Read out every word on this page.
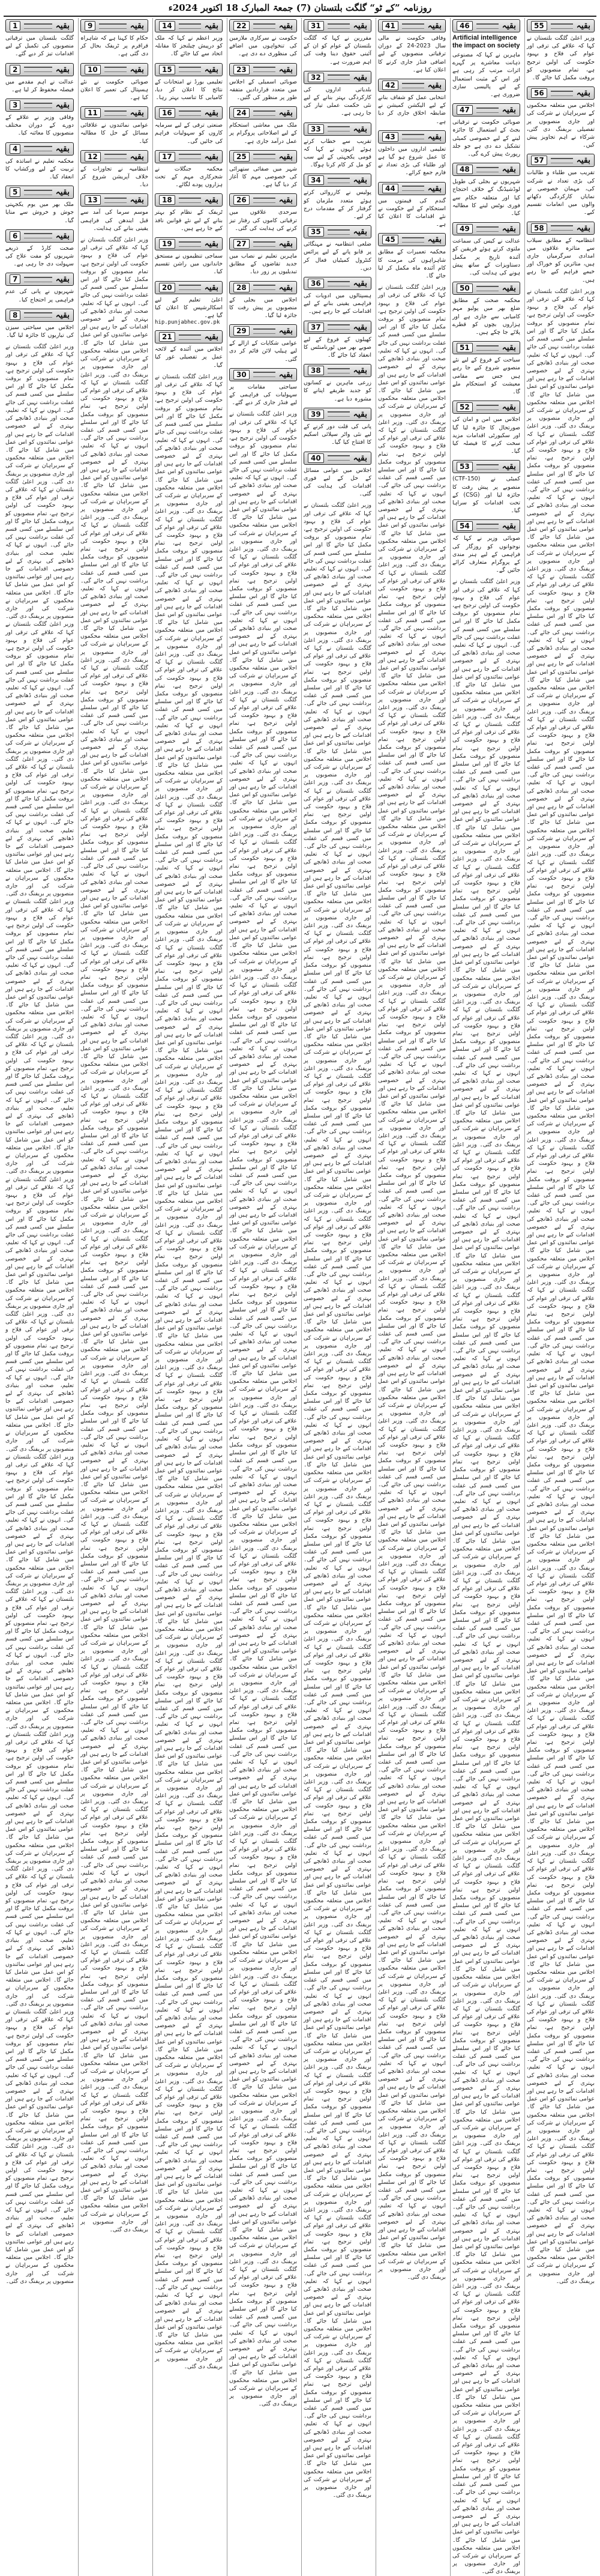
روزنامہ ”کے ٹو“ گلگت بلتستان (7) جمعۃ المبارک 18 اکتوبر 2024ء
55	بقیہ
وزیر اعلیٰ گلگت بلتستان نے کہا کہ علاقے کی ترقی اور عوام کی فلاح و بہبود حکومت کی اولین ترجیح ہے، تمام منصوبوں کو بروقت مکمل کیا جائے گا۔
56	بقیہ
اجلاس میں متعلقہ محکموں کے سربراہان نے شرکت کی اور جاری منصوبوں پر تفصیلی بریفنگ دی گئی، شرکاء نے اہم تجاویز پیش کیں۔
57	بقیہ
تقریب میں طلباء و طالبات کی بڑی تعداد نے شرکت کی، مہمان خصوصی نے نمایاں کارکردگی دکھانے والوں میں انعامات تقسیم کیے۔
58	بقیہ
انتظامیہ کے مطابق سیلاب سے متاثرہ علاقوں میں امدادی سرگرمیاں جاری ہیں، متاثرین کو خوراک اور خیمے فراہم کیے جا رہے ہیں۔
وزیر اعلیٰ گلگت بلتستان نے کہا کہ علاقے کی ترقی اور عوام کی فلاح و بہبود حکومت کی اولین ترجیح ہے، تمام منصوبوں کو بروقت مکمل کیا جائے گا اور اس سلسلے میں کسی قسم کی غفلت برداشت نہیں کی جائے گی۔ انہوں نے کہا کہ تعلیم، صحت اور بنیادی ڈھانچے کی بہتری کے لیے خصوصی اقدامات کیے جا رہے ہیں اور عوامی نمائندوں کو اس عمل میں شامل کیا جائے گا۔ اجلاس میں متعلقہ محکموں کے سربراہان نے شرکت کی اور جاری منصوبوں پر بریفنگ دی گئی۔ وزیر اعلیٰ گلگت بلتستان نے کہا کہ علاقے کی ترقی اور عوام کی فلاح و بہبود حکومت کی اولین ترجیح ہے، تمام منصوبوں کو بروقت مکمل کیا جائے گا اور اس سلسلے میں کسی قسم کی غفلت برداشت نہیں کی جائے گی۔ انہوں نے کہا کہ تعلیم، صحت اور بنیادی ڈھانچے کی بہتری کے لیے خصوصی اقدامات کیے جا رہے ہیں اور عوامی نمائندوں کو اس عمل میں شامل کیا جائے گا۔ اجلاس میں متعلقہ محکموں کے سربراہان نے شرکت کی اور جاری منصوبوں پر بریفنگ دی گئی۔ وزیر اعلیٰ گلگت بلتستان نے کہا کہ علاقے کی ترقی اور عوام کی فلاح و بہبود حکومت کی اولین ترجیح ہے، تمام منصوبوں کو بروقت مکمل کیا جائے گا اور اس سلسلے میں کسی قسم کی غفلت برداشت نہیں کی جائے گی۔ انہوں نے کہا کہ تعلیم، صحت اور بنیادی ڈھانچے کی بہتری کے لیے خصوصی اقدامات کیے جا رہے ہیں اور عوامی نمائندوں کو اس عمل میں شامل کیا جائے گا۔ اجلاس میں متعلقہ محکموں کے سربراہان نے شرکت کی اور جاری منصوبوں پر بریفنگ دی گئی۔ وزیر اعلیٰ گلگت بلتستان نے کہا کہ علاقے کی ترقی اور عوام کی فلاح و بہبود حکومت کی اولین ترجیح ہے، تمام منصوبوں کو بروقت مکمل کیا جائے گا اور اس سلسلے میں کسی قسم کی غفلت برداشت نہیں کی جائے گی۔ انہوں نے کہا کہ تعلیم، صحت اور بنیادی ڈھانچے کی بہتری کے لیے خصوصی اقدامات کیے جا رہے ہیں اور عوامی نمائندوں کو اس عمل میں شامل کیا جائے گا۔ اجلاس میں متعلقہ محکموں کے سربراہان نے شرکت کی اور جاری منصوبوں پر بریفنگ دی گئی۔ وزیر اعلیٰ گلگت بلتستان نے کہا کہ علاقے کی ترقی اور عوام کی فلاح و بہبود حکومت کی اولین ترجیح ہے، تمام منصوبوں کو بروقت مکمل کیا جائے گا اور اس سلسلے میں کسی قسم کی غفلت برداشت نہیں کی جائے گی۔ انہوں نے کہا کہ تعلیم، صحت اور بنیادی ڈھانچے کی بہتری کے لیے خصوصی اقدامات کیے جا رہے ہیں اور عوامی نمائندوں کو اس عمل میں شامل کیا جائے گا۔ اجلاس میں متعلقہ محکموں کے سربراہان نے شرکت کی اور جاری منصوبوں پر بریفنگ دی گئی۔ وزیر اعلیٰ گلگت بلتستان نے کہا کہ علاقے کی ترقی اور عوام کی فلاح و بہبود حکومت کی اولین ترجیح ہے، تمام منصوبوں کو بروقت مکمل کیا جائے گا اور اس سلسلے میں کسی قسم کی غفلت برداشت نہیں کی جائے گی۔ انہوں نے کہا کہ تعلیم، صحت اور بنیادی ڈھانچے کی بہتری کے لیے خصوصی اقدامات کیے جا رہے ہیں اور عوامی نمائندوں کو اس عمل میں شامل کیا جائے گا۔ اجلاس میں متعلقہ محکموں کے سربراہان نے شرکت کی اور جاری منصوبوں پر بریفنگ دی گئی۔ وزیر اعلیٰ گلگت بلتستان نے کہا کہ علاقے کی ترقی اور عوام کی فلاح و بہبود حکومت کی اولین ترجیح ہے، تمام منصوبوں کو بروقت مکمل کیا جائے گا اور اس سلسلے میں کسی قسم کی غفلت برداشت نہیں کی جائے گی۔ انہوں نے کہا کہ تعلیم، صحت اور بنیادی ڈھانچے کی بہتری کے لیے خصوصی اقدامات کیے جا رہے ہیں اور عوامی نمائندوں کو اس عمل میں شامل کیا جائے گا۔ اجلاس میں متعلقہ محکموں کے سربراہان نے شرکت کی اور جاری منصوبوں پر بریفنگ دی گئی۔ وزیر اعلیٰ گلگت بلتستان نے کہا کہ علاقے کی ترقی اور عوام کی فلاح و بہبود حکومت کی اولین ترجیح ہے، تمام منصوبوں کو بروقت مکمل کیا جائے گا اور اس سلسلے میں کسی قسم کی غفلت برداشت نہیں کی جائے گی۔ انہوں نے کہا کہ تعلیم، صحت اور بنیادی ڈھانچے کی بہتری کے لیے خصوصی اقدامات کیے جا رہے ہیں اور عوامی نمائندوں کو اس عمل میں شامل کیا جائے گا۔ اجلاس میں متعلقہ محکموں کے سربراہان نے شرکت کی اور جاری منصوبوں پر بریفنگ دی گئی۔ وزیر اعلیٰ گلگت بلتستان نے کہا کہ علاقے کی ترقی اور عوام کی فلاح و بہبود حکومت کی اولین ترجیح ہے، تمام منصوبوں کو بروقت مکمل کیا جائے گا اور اس سلسلے میں کسی قسم کی غفلت برداشت نہیں کی جائے گی۔ انہوں نے کہا کہ تعلیم، صحت اور بنیادی ڈھانچے کی بہتری کے لیے خصوصی اقدامات کیے جا رہے ہیں اور عوامی نمائندوں کو اس عمل میں شامل کیا جائے گا۔ اجلاس میں متعلقہ محکموں کے سربراہان نے شرکت کی اور جاری منصوبوں پر بریفنگ دی گئی۔ وزیر اعلیٰ گلگت بلتستان نے کہا کہ علاقے کی ترقی اور عوام کی فلاح و بہبود حکومت کی اولین ترجیح ہے، تمام منصوبوں کو بروقت مکمل کیا جائے گا اور اس سلسلے میں کسی قسم کی غفلت برداشت نہیں کی جائے گی۔ انہوں نے کہا کہ تعلیم، صحت اور بنیادی ڈھانچے کی بہتری کے لیے خصوصی اقدامات کیے جا رہے ہیں اور عوامی نمائندوں کو اس عمل میں شامل کیا جائے گا۔ اجلاس میں متعلقہ محکموں کے سربراہان نے شرکت کی اور جاری منصوبوں پر بریفنگ دی گئی۔ وزیر اعلیٰ گلگت بلتستان نے کہا کہ علاقے کی ترقی اور عوام کی فلاح و بہبود حکومت کی اولین ترجیح ہے، تمام منصوبوں کو بروقت مکمل کیا جائے گا اور اس سلسلے میں کسی قسم کی غفلت برداشت نہیں کی جائے گی۔ انہوں نے کہا کہ تعلیم، صحت اور بنیادی ڈھانچے کی بہتری کے لیے خصوصی اقدامات کیے جا رہے ہیں اور عوامی نمائندوں کو اس عمل میں شامل کیا جائے گا۔ اجلاس میں متعلقہ محکموں کے سربراہان نے شرکت کی اور جاری منصوبوں پر بریفنگ دی گئی۔ وزیر اعلیٰ گلگت بلتستان نے کہا کہ علاقے کی ترقی اور عوام کی فلاح و بہبود حکومت کی اولین ترجیح ہے، تمام منصوبوں کو بروقت مکمل کیا جائے گا اور اس سلسلے میں کسی قسم کی غفلت برداشت نہیں کی جائے گی۔ انہوں نے کہا کہ تعلیم، صحت اور بنیادی ڈھانچے کی بہتری کے لیے خصوصی اقدامات کیے جا رہے ہیں اور عوامی نمائندوں کو اس عمل میں شامل کیا جائے گا۔ اجلاس میں متعلقہ محکموں کے سربراہان نے شرکت کی اور جاری منصوبوں پر بریفنگ دی گئی۔ وزیر اعلیٰ گلگت بلتستان نے کہا کہ علاقے کی ترقی اور عوام کی فلاح و بہبود حکومت کی اولین ترجیح ہے، تمام منصوبوں کو بروقت مکمل کیا جائے گا اور اس سلسلے میں کسی قسم کی غفلت برداشت نہیں کی جائے گی۔ انہوں نے کہا کہ تعلیم، صحت اور بنیادی ڈھانچے کی بہتری کے لیے خصوصی اقدامات کیے جا رہے ہیں اور عوامی نمائندوں کو اس عمل میں شامل کیا جائے گا۔ اجلاس میں متعلقہ محکموں کے سربراہان نے شرکت کی اور جاری منصوبوں پر بریفنگ دی گئی۔ وزیر اعلیٰ گلگت بلتستان نے کہا کہ علاقے کی ترقی اور عوام کی فلاح و بہبود حکومت کی اولین ترجیح ہے، تمام منصوبوں کو بروقت مکمل کیا جائے گا اور اس سلسلے میں کسی قسم کی غفلت برداشت نہیں کی جائے گی۔ انہوں نے کہا کہ تعلیم، صحت اور بنیادی ڈھانچے کی بہتری کے لیے خصوصی اقدامات کیے جا رہے ہیں اور عوامی نمائندوں کو اس عمل میں شامل کیا جائے گا۔ اجلاس میں متعلقہ محکموں کے سربراہان نے شرکت کی اور جاری منصوبوں پر بریفنگ دی گئی۔
46	بقیہ
Artificial intelligence the impact on society
ماہرین نے کہا کہ مصنوعی ذہانت معاشرے پر گہرے اثرات مرتب کر رہی ہے اور اس کے مثبت استعمال کے لیے پالیسی سازی ضروری ہے۔
47	بقیہ
صوبائی حکومت نے ترقیاتی بجٹ کے استعمال کا جائزہ لینے کے لیے خصوصی کمیٹی تشکیل دے دی ہے جو جلد رپورٹ پیش کرے گی۔
48	بقیہ
شہریوں نے بجلی کی طویل لوڈشیڈنگ کے خلاف احتجاج کیا اور متعلقہ حکام سے فوری نوٹس لینے کا مطالبہ کیا۔
49	بقیہ
عدالت نے کیس کی سماعت ملتوی کرتے ہوئے فریقین کو آئندہ تاریخ پر مکمل دستاویزات کے ساتھ پیش ہونے کی ہدایت کی۔
50	بقیہ
محکمہ صحت کے مطابق ضلع بھر میں پولیو مہم کامیابی سے جاری ہے اور ہزاروں بچوں کو قطرے پلائے جا چکے ہیں۔
51	بقیہ
سیاحت کے فروغ کے لیے نئے منصوبے شروع کیے جا رہے ہیں جس سے مقامی معیشت کو استحکام ملے گا۔
52	بقیہ
اجلاس میں امن و امان کی صورتحال کا جائزہ لیا گیا اور سکیورٹی اقدامات مزید سخت کرنے کا فیصلہ کیا گیا۔
53	بقیہ
کمیٹی نے (150-CTF) منصوبے پر پیش رفت کا جائزہ لیا اور (CSG) کے تحت اقدامات کو سراہا گیا۔
54	بقیہ
صوبائی وزیر نے کہا کہ نوجوانوں کو روزگار کی فراہمی کے لیے ہنر مندی کے پروگرام متعارف کرائے جائیں گے۔
وزیر اعلیٰ گلگت بلتستان نے کہا کہ علاقے کی ترقی اور عوام کی فلاح و بہبود حکومت کی اولین ترجیح ہے، تمام منصوبوں کو بروقت مکمل کیا جائے گا اور اس سلسلے میں کسی قسم کی غفلت برداشت نہیں کی جائے گی۔ انہوں نے کہا کہ تعلیم، صحت اور بنیادی ڈھانچے کی بہتری کے لیے خصوصی اقدامات کیے جا رہے ہیں اور عوامی نمائندوں کو اس عمل میں شامل کیا جائے گا۔ اجلاس میں متعلقہ محکموں کے سربراہان نے شرکت کی اور جاری منصوبوں پر بریفنگ دی گئی۔ وزیر اعلیٰ گلگت بلتستان نے کہا کہ علاقے کی ترقی اور عوام کی فلاح و بہبود حکومت کی اولین ترجیح ہے، تمام منصوبوں کو بروقت مکمل کیا جائے گا اور اس سلسلے میں کسی قسم کی غفلت برداشت نہیں کی جائے گی۔ انہوں نے کہا کہ تعلیم، صحت اور بنیادی ڈھانچے کی بہتری کے لیے خصوصی اقدامات کیے جا رہے ہیں اور عوامی نمائندوں کو اس عمل میں شامل کیا جائے گا۔ اجلاس میں متعلقہ محکموں کے سربراہان نے شرکت کی اور جاری منصوبوں پر بریفنگ دی گئی۔ وزیر اعلیٰ گلگت بلتستان نے کہا کہ علاقے کی ترقی اور عوام کی فلاح و بہبود حکومت کی اولین ترجیح ہے، تمام منصوبوں کو بروقت مکمل کیا جائے گا اور اس سلسلے میں کسی قسم کی غفلت برداشت نہیں کی جائے گی۔ انہوں نے کہا کہ تعلیم، صحت اور بنیادی ڈھانچے کی بہتری کے لیے خصوصی اقدامات کیے جا رہے ہیں اور عوامی نمائندوں کو اس عمل میں شامل کیا جائے گا۔ اجلاس میں متعلقہ محکموں کے سربراہان نے شرکت کی اور جاری منصوبوں پر بریفنگ دی گئی۔ وزیر اعلیٰ گلگت بلتستان نے کہا کہ علاقے کی ترقی اور عوام کی فلاح و بہبود حکومت کی اولین ترجیح ہے، تمام منصوبوں کو بروقت مکمل کیا جائے گا اور اس سلسلے میں کسی قسم کی غفلت برداشت نہیں کی جائے گی۔ انہوں نے کہا کہ تعلیم، صحت اور بنیادی ڈھانچے کی بہتری کے لیے خصوصی اقدامات کیے جا رہے ہیں اور عوامی نمائندوں کو اس عمل میں شامل کیا جائے گا۔ اجلاس میں متعلقہ محکموں کے سربراہان نے شرکت کی اور جاری منصوبوں پر بریفنگ دی گئی۔ وزیر اعلیٰ گلگت بلتستان نے کہا کہ علاقے کی ترقی اور عوام کی فلاح و بہبود حکومت کی اولین ترجیح ہے، تمام منصوبوں کو بروقت مکمل کیا جائے گا اور اس سلسلے میں کسی قسم کی غفلت برداشت نہیں کی جائے گی۔ انہوں نے کہا کہ تعلیم، صحت اور بنیادی ڈھانچے کی بہتری کے لیے خصوصی اقدامات کیے جا رہے ہیں اور عوامی نمائندوں کو اس عمل میں شامل کیا جائے گا۔ اجلاس میں متعلقہ محکموں کے سربراہان نے شرکت کی اور جاری منصوبوں پر بریفنگ دی گئی۔ وزیر اعلیٰ گلگت بلتستان نے کہا کہ علاقے کی ترقی اور عوام کی فلاح و بہبود حکومت کی اولین ترجیح ہے، تمام منصوبوں کو بروقت مکمل کیا جائے گا اور اس سلسلے میں کسی قسم کی غفلت برداشت نہیں کی جائے گی۔ انہوں نے کہا کہ تعلیم، صحت اور بنیادی ڈھانچے کی بہتری کے لیے خصوصی اقدامات کیے جا رہے ہیں اور عوامی نمائندوں کو اس عمل میں شامل کیا جائے گا۔ اجلاس میں متعلقہ محکموں کے سربراہان نے شرکت کی اور جاری منصوبوں پر بریفنگ دی گئی۔ وزیر اعلیٰ گلگت بلتستان نے کہا کہ علاقے کی ترقی اور عوام کی فلاح و بہبود حکومت کی اولین ترجیح ہے، تمام منصوبوں کو بروقت مکمل کیا جائے گا اور اس سلسلے میں کسی قسم کی غفلت برداشت نہیں کی جائے گی۔ انہوں نے کہا کہ تعلیم، صحت اور بنیادی ڈھانچے کی بہتری کے لیے خصوصی اقدامات کیے جا رہے ہیں اور عوامی نمائندوں کو اس عمل میں شامل کیا جائے گا۔ اجلاس میں متعلقہ محکموں کے سربراہان نے شرکت کی اور جاری منصوبوں پر بریفنگ دی گئی۔ وزیر اعلیٰ گلگت بلتستان نے کہا کہ علاقے کی ترقی اور عوام کی فلاح و بہبود حکومت کی اولین ترجیح ہے، تمام منصوبوں کو بروقت مکمل کیا جائے گا اور اس سلسلے میں کسی قسم کی غفلت برداشت نہیں کی جائے گی۔ انہوں نے کہا کہ تعلیم، صحت اور بنیادی ڈھانچے کی بہتری کے لیے خصوصی اقدامات کیے جا رہے ہیں اور عوامی نمائندوں کو اس عمل میں شامل کیا جائے گا۔ اجلاس میں متعلقہ محکموں کے سربراہان نے شرکت کی اور جاری منصوبوں پر بریفنگ دی گئی۔ وزیر اعلیٰ گلگت بلتستان نے کہا کہ علاقے کی ترقی اور عوام کی فلاح و بہبود حکومت کی اولین ترجیح ہے، تمام منصوبوں کو بروقت مکمل کیا جائے گا اور اس سلسلے میں کسی قسم کی غفلت برداشت نہیں کی جائے گی۔ انہوں نے کہا کہ تعلیم، صحت اور بنیادی ڈھانچے کی بہتری کے لیے خصوصی اقدامات کیے جا رہے ہیں اور عوامی نمائندوں کو اس عمل میں شامل کیا جائے گا۔ اجلاس میں متعلقہ محکموں کے سربراہان نے شرکت کی اور جاری منصوبوں پر بریفنگ دی گئی۔ وزیر اعلیٰ گلگت بلتستان نے کہا کہ علاقے کی ترقی اور عوام کی فلاح و بہبود حکومت کی اولین ترجیح ہے، تمام منصوبوں کو بروقت مکمل کیا جائے گا اور اس سلسلے میں کسی قسم کی غفلت برداشت نہیں کی جائے گی۔ انہوں نے کہا کہ تعلیم، صحت اور بنیادی ڈھانچے کی بہتری کے لیے خصوصی اقدامات کیے جا رہے ہیں اور عوامی نمائندوں کو اس عمل میں شامل کیا جائے گا۔ اجلاس میں متعلقہ محکموں کے سربراہان نے شرکت کی اور جاری منصوبوں پر بریفنگ دی گئی۔ وزیر اعلیٰ گلگت بلتستان نے کہا کہ علاقے کی ترقی اور عوام کی فلاح و بہبود حکومت کی اولین ترجیح ہے، تمام منصوبوں کو بروقت مکمل کیا جائے گا اور اس سلسلے میں کسی قسم کی غفلت برداشت نہیں کی جائے گی۔ انہوں نے کہا کہ تعلیم، صحت اور بنیادی ڈھانچے کی بہتری کے لیے خصوصی اقدامات کیے جا رہے ہیں اور عوامی نمائندوں کو اس عمل میں شامل کیا جائے گا۔ اجلاس میں متعلقہ محکموں کے سربراہان نے شرکت کی اور جاری منصوبوں پر بریفنگ دی گئی۔ وزیر اعلیٰ گلگت بلتستان نے کہا کہ علاقے کی ترقی اور عوام کی فلاح و بہبود حکومت کی اولین ترجیح ہے، تمام منصوبوں کو بروقت مکمل کیا جائے گا اور اس سلسلے میں کسی قسم کی غفلت برداشت نہیں کی جائے گی۔ انہوں نے کہا کہ تعلیم، صحت اور بنیادی ڈھانچے کی بہتری کے لیے خصوصی اقدامات کیے جا رہے ہیں اور عوامی نمائندوں کو اس عمل میں شامل کیا جائے گا۔ اجلاس میں متعلقہ محکموں کے سربراہان نے شرکت کی اور جاری منصوبوں پر بریفنگ دی گئی۔ وزیر اعلیٰ گلگت بلتستان نے کہا کہ علاقے کی ترقی اور عوام کی فلاح و بہبود حکومت کی اولین ترجیح ہے، تمام منصوبوں کو بروقت مکمل کیا جائے گا اور اس سلسلے میں کسی قسم کی غفلت برداشت نہیں کی جائے گی۔ انہوں نے کہا کہ تعلیم، صحت اور بنیادی ڈھانچے کی بہتری کے لیے خصوصی اقدامات کیے جا رہے ہیں اور عوامی نمائندوں کو اس عمل میں شامل کیا جائے گا۔ اجلاس میں متعلقہ محکموں کے سربراہان نے شرکت کی اور جاری منصوبوں پر بریفنگ دی گئی۔ وزیر اعلیٰ گلگت بلتستان نے کہا کہ علاقے کی ترقی اور عوام کی فلاح و بہبود حکومت کی اولین ترجیح ہے، تمام منصوبوں کو بروقت مکمل کیا جائے گا اور اس سلسلے میں کسی قسم کی غفلت برداشت نہیں کی جائے گی۔ انہوں نے کہا کہ تعلیم، صحت اور بنیادی ڈھانچے کی بہتری کے لیے خصوصی اقدامات کیے جا رہے ہیں اور عوامی نمائندوں کو اس عمل میں شامل کیا جائے گا۔ اجلاس میں متعلقہ محکموں کے سربراہان نے شرکت کی اور جاری منصوبوں پر بریفنگ دی گئی۔
41	بقیہ
وفاقی حکومت نے مالی سال 2023-24 کے دوران ترقیاتی منصوبوں کے لیے اضافی فنڈز جاری کرنے کا اعلان کیا ہے۔
42	بقیہ
انتخابی عمل کو شفاف بنانے کے لیے الیکشن کمیشن نے ضابطہ اخلاق جاری کر دیا ہے۔
43	بقیہ
تعلیمی اداروں میں داخلوں کا عمل شروع ہو گیا ہے اور طلباء کی بڑی تعداد نے فارم جمع کرائے۔
44	بقیہ
گندم کی قیمتوں میں استحکام کے لیے حکومت نے نئے اقدامات کا اعلان کیا ہے۔
45	بقیہ
محکمہ تعمیرات کے مطابق شاہراہوں کی مرمت کا کام آئندہ ماہ مکمل کر لیا جائے گا۔
وزیر اعلیٰ گلگت بلتستان نے کہا کہ علاقے کی ترقی اور عوام کی فلاح و بہبود حکومت کی اولین ترجیح ہے، تمام منصوبوں کو بروقت مکمل کیا جائے گا اور اس سلسلے میں کسی قسم کی غفلت برداشت نہیں کی جائے گی۔ انہوں نے کہا کہ تعلیم، صحت اور بنیادی ڈھانچے کی بہتری کے لیے خصوصی اقدامات کیے جا رہے ہیں اور عوامی نمائندوں کو اس عمل میں شامل کیا جائے گا۔ اجلاس میں متعلقہ محکموں کے سربراہان نے شرکت کی اور جاری منصوبوں پر بریفنگ دی گئی۔ وزیر اعلیٰ گلگت بلتستان نے کہا کہ علاقے کی ترقی اور عوام کی فلاح و بہبود حکومت کی اولین ترجیح ہے، تمام منصوبوں کو بروقت مکمل کیا جائے گا اور اس سلسلے میں کسی قسم کی غفلت برداشت نہیں کی جائے گی۔ انہوں نے کہا کہ تعلیم، صحت اور بنیادی ڈھانچے کی بہتری کے لیے خصوصی اقدامات کیے جا رہے ہیں اور عوامی نمائندوں کو اس عمل میں شامل کیا جائے گا۔ اجلاس میں متعلقہ محکموں کے سربراہان نے شرکت کی اور جاری منصوبوں پر بریفنگ دی گئی۔ وزیر اعلیٰ گلگت بلتستان نے کہا کہ علاقے کی ترقی اور عوام کی فلاح و بہبود حکومت کی اولین ترجیح ہے، تمام منصوبوں کو بروقت مکمل کیا جائے گا اور اس سلسلے میں کسی قسم کی غفلت برداشت نہیں کی جائے گی۔ انہوں نے کہا کہ تعلیم، صحت اور بنیادی ڈھانچے کی بہتری کے لیے خصوصی اقدامات کیے جا رہے ہیں اور عوامی نمائندوں کو اس عمل میں شامل کیا جائے گا۔ اجلاس میں متعلقہ محکموں کے سربراہان نے شرکت کی اور جاری منصوبوں پر بریفنگ دی گئی۔ وزیر اعلیٰ گلگت بلتستان نے کہا کہ علاقے کی ترقی اور عوام کی فلاح و بہبود حکومت کی اولین ترجیح ہے، تمام منصوبوں کو بروقت مکمل کیا جائے گا اور اس سلسلے میں کسی قسم کی غفلت برداشت نہیں کی جائے گی۔ انہوں نے کہا کہ تعلیم، صحت اور بنیادی ڈھانچے کی بہتری کے لیے خصوصی اقدامات کیے جا رہے ہیں اور عوامی نمائندوں کو اس عمل میں شامل کیا جائے گا۔ اجلاس میں متعلقہ محکموں کے سربراہان نے شرکت کی اور جاری منصوبوں پر بریفنگ دی گئی۔ وزیر اعلیٰ گلگت بلتستان نے کہا کہ علاقے کی ترقی اور عوام کی فلاح و بہبود حکومت کی اولین ترجیح ہے، تمام منصوبوں کو بروقت مکمل کیا جائے گا اور اس سلسلے میں کسی قسم کی غفلت برداشت نہیں کی جائے گی۔ انہوں نے کہا کہ تعلیم، صحت اور بنیادی ڈھانچے کی بہتری کے لیے خصوصی اقدامات کیے جا رہے ہیں اور عوامی نمائندوں کو اس عمل میں شامل کیا جائے گا۔ اجلاس میں متعلقہ محکموں کے سربراہان نے شرکت کی اور جاری منصوبوں پر بریفنگ دی گئی۔ وزیر اعلیٰ گلگت بلتستان نے کہا کہ علاقے کی ترقی اور عوام کی فلاح و بہبود حکومت کی اولین ترجیح ہے، تمام منصوبوں کو بروقت مکمل کیا جائے گا اور اس سلسلے میں کسی قسم کی غفلت برداشت نہیں کی جائے گی۔ انہوں نے کہا کہ تعلیم، صحت اور بنیادی ڈھانچے کی بہتری کے لیے خصوصی اقدامات کیے جا رہے ہیں اور عوامی نمائندوں کو اس عمل میں شامل کیا جائے گا۔ اجلاس میں متعلقہ محکموں کے سربراہان نے شرکت کی اور جاری منصوبوں پر بریفنگ دی گئی۔ وزیر اعلیٰ گلگت بلتستان نے کہا کہ علاقے کی ترقی اور عوام کی فلاح و بہبود حکومت کی اولین ترجیح ہے، تمام منصوبوں کو بروقت مکمل کیا جائے گا اور اس سلسلے میں کسی قسم کی غفلت برداشت نہیں کی جائے گی۔ انہوں نے کہا کہ تعلیم، صحت اور بنیادی ڈھانچے کی بہتری کے لیے خصوصی اقدامات کیے جا رہے ہیں اور عوامی نمائندوں کو اس عمل میں شامل کیا جائے گا۔ اجلاس میں متعلقہ محکموں کے سربراہان نے شرکت کی اور جاری منصوبوں پر بریفنگ دی گئی۔ وزیر اعلیٰ گلگت بلتستان نے کہا کہ علاقے کی ترقی اور عوام کی فلاح و بہبود حکومت کی اولین ترجیح ہے، تمام منصوبوں کو بروقت مکمل کیا جائے گا اور اس سلسلے میں کسی قسم کی غفلت برداشت نہیں کی جائے گی۔ انہوں نے کہا کہ تعلیم، صحت اور بنیادی ڈھانچے کی بہتری کے لیے خصوصی اقدامات کیے جا رہے ہیں اور عوامی نمائندوں کو اس عمل میں شامل کیا جائے گا۔ اجلاس میں متعلقہ محکموں کے سربراہان نے شرکت کی اور جاری منصوبوں پر بریفنگ دی گئی۔ وزیر اعلیٰ گلگت بلتستان نے کہا کہ علاقے کی ترقی اور عوام کی فلاح و بہبود حکومت کی اولین ترجیح ہے، تمام منصوبوں کو بروقت مکمل کیا جائے گا اور اس سلسلے میں کسی قسم کی غفلت برداشت نہیں کی جائے گی۔ انہوں نے کہا کہ تعلیم، صحت اور بنیادی ڈھانچے کی بہتری کے لیے خصوصی اقدامات کیے جا رہے ہیں اور عوامی نمائندوں کو اس عمل میں شامل کیا جائے گا۔ اجلاس میں متعلقہ محکموں کے سربراہان نے شرکت کی اور جاری منصوبوں پر بریفنگ دی گئی۔ وزیر اعلیٰ گلگت بلتستان نے کہا کہ علاقے کی ترقی اور عوام کی فلاح و بہبود حکومت کی اولین ترجیح ہے، تمام منصوبوں کو بروقت مکمل کیا جائے گا اور اس سلسلے میں کسی قسم کی غفلت برداشت نہیں کی جائے گی۔ انہوں نے کہا کہ تعلیم، صحت اور بنیادی ڈھانچے کی بہتری کے لیے خصوصی اقدامات کیے جا رہے ہیں اور عوامی نمائندوں کو اس عمل میں شامل کیا جائے گا۔ اجلاس میں متعلقہ محکموں کے سربراہان نے شرکت کی اور جاری منصوبوں پر بریفنگ دی گئی۔ وزیر اعلیٰ گلگت بلتستان نے کہا کہ علاقے کی ترقی اور عوام کی فلاح و بہبود حکومت کی اولین ترجیح ہے، تمام منصوبوں کو بروقت مکمل کیا جائے گا اور اس سلسلے میں کسی قسم کی غفلت برداشت نہیں کی جائے گی۔ انہوں نے کہا کہ تعلیم، صحت اور بنیادی ڈھانچے کی بہتری کے لیے خصوصی اقدامات کیے جا رہے ہیں اور عوامی نمائندوں کو اس عمل میں شامل کیا جائے گا۔ اجلاس میں متعلقہ محکموں کے سربراہان نے شرکت کی اور جاری منصوبوں پر بریفنگ دی گئی۔ وزیر اعلیٰ گلگت بلتستان نے کہا کہ علاقے کی ترقی اور عوام کی فلاح و بہبود حکومت کی اولین ترجیح ہے، تمام منصوبوں کو بروقت مکمل کیا جائے گا اور اس سلسلے میں کسی قسم کی غفلت برداشت نہیں کی جائے گی۔ انہوں نے کہا کہ تعلیم، صحت اور بنیادی ڈھانچے کی بہتری کے لیے خصوصی اقدامات کیے جا رہے ہیں اور عوامی نمائندوں کو اس عمل میں شامل کیا جائے گا۔ اجلاس میں متعلقہ محکموں کے سربراہان نے شرکت کی اور جاری منصوبوں پر بریفنگ دی گئی۔ وزیر اعلیٰ گلگت بلتستان نے کہا کہ علاقے کی ترقی اور عوام کی فلاح و بہبود حکومت کی اولین ترجیح ہے، تمام منصوبوں کو بروقت مکمل کیا جائے گا اور اس سلسلے میں کسی قسم کی غفلت برداشت نہیں کی جائے گی۔ انہوں نے کہا کہ تعلیم، صحت اور بنیادی ڈھانچے کی بہتری کے لیے خصوصی اقدامات کیے جا رہے ہیں اور عوامی نمائندوں کو اس عمل میں شامل کیا جائے گا۔ اجلاس میں متعلقہ محکموں کے سربراہان نے شرکت کی اور جاری منصوبوں پر بریفنگ دی گئی۔ وزیر اعلیٰ گلگت بلتستان نے کہا کہ علاقے کی ترقی اور عوام کی فلاح و بہبود حکومت کی اولین ترجیح ہے، تمام منصوبوں کو بروقت مکمل کیا جائے گا اور اس سلسلے میں کسی قسم کی غفلت برداشت نہیں کی جائے گی۔ انہوں نے کہا کہ تعلیم، صحت اور بنیادی ڈھانچے کی بہتری کے لیے خصوصی اقدامات کیے جا رہے ہیں اور عوامی نمائندوں کو اس عمل میں شامل کیا جائے گا۔ اجلاس میں متعلقہ محکموں کے سربراہان نے شرکت کی اور جاری منصوبوں پر بریفنگ دی گئی۔
31	بقیہ
مقررین نے کہا کہ گلگت بلتستان کے عوام کو ان کے آئینی حقوق دینا وقت کی اہم ضرورت ہے۔
32	بقیہ
بلدیاتی اداروں کی کارکردگی بہتر بنانے کے لیے نئی حکمت عملی تیار کی جا رہی ہے۔
33	بقیہ
تقریب سے خطاب کرتے ہوئے انہوں نے کہا کہ قومی یکجہتی کے لیے سب کو مل کر کام کرنا ہوگا۔
34	بقیہ
پولیس نے کارروائی کرتے ہوئے متعدد ملزمان کو گرفتار کر کے مقدمات درج کر لیے۔
35	بقیہ
ضلعی انتظامیہ نے مہنگائی پر قابو پانے کے لیے پرائس کنٹرول کمیٹیاں فعال کر دیں۔
36	بقیہ
ہسپتالوں میں ادویات کی فراہمی یقینی بنانے کے لیے اقدامات کیے جا رہے ہیں۔
37	بقیہ
کھیلوں کے فروغ کے لیے صوبے بھر میں ٹورنامنٹس کا انعقاد کیا جائے گا۔
38	بقیہ
زرعی ماہرین نے کسانوں کو جدید طریقے اپنانے کا مشورہ دیا ہے۔
39	بقیہ
پانی کی قلت دور کرنے کے لیے نئی واٹر سپلائی اسکیم کا افتتاح کیا گیا۔
40	بقیہ
اجلاس میں عوامی مسائل کے حل کے لیے فوری اقدامات کی ہدایت کی گئی۔
وزیر اعلیٰ گلگت بلتستان نے کہا کہ علاقے کی ترقی اور عوام کی فلاح و بہبود حکومت کی اولین ترجیح ہے، تمام منصوبوں کو بروقت مکمل کیا جائے گا اور اس سلسلے میں کسی قسم کی غفلت برداشت نہیں کی جائے گی۔ انہوں نے کہا کہ تعلیم، صحت اور بنیادی ڈھانچے کی بہتری کے لیے خصوصی اقدامات کیے جا رہے ہیں اور عوامی نمائندوں کو اس عمل میں شامل کیا جائے گا۔ اجلاس میں متعلقہ محکموں کے سربراہان نے شرکت کی اور جاری منصوبوں پر بریفنگ دی گئی۔ وزیر اعلیٰ گلگت بلتستان نے کہا کہ علاقے کی ترقی اور عوام کی فلاح و بہبود حکومت کی اولین ترجیح ہے، تمام منصوبوں کو بروقت مکمل کیا جائے گا اور اس سلسلے میں کسی قسم کی غفلت برداشت نہیں کی جائے گی۔ انہوں نے کہا کہ تعلیم، صحت اور بنیادی ڈھانچے کی بہتری کے لیے خصوصی اقدامات کیے جا رہے ہیں اور عوامی نمائندوں کو اس عمل میں شامل کیا جائے گا۔ اجلاس میں متعلقہ محکموں کے سربراہان نے شرکت کی اور جاری منصوبوں پر بریفنگ دی گئی۔ وزیر اعلیٰ گلگت بلتستان نے کہا کہ علاقے کی ترقی اور عوام کی فلاح و بہبود حکومت کی اولین ترجیح ہے، تمام منصوبوں کو بروقت مکمل کیا جائے گا اور اس سلسلے میں کسی قسم کی غفلت برداشت نہیں کی جائے گی۔ انہوں نے کہا کہ تعلیم، صحت اور بنیادی ڈھانچے کی بہتری کے لیے خصوصی اقدامات کیے جا رہے ہیں اور عوامی نمائندوں کو اس عمل میں شامل کیا جائے گا۔ اجلاس میں متعلقہ محکموں کے سربراہان نے شرکت کی اور جاری منصوبوں پر بریفنگ دی گئی۔ وزیر اعلیٰ گلگت بلتستان نے کہا کہ علاقے کی ترقی اور عوام کی فلاح و بہبود حکومت کی اولین ترجیح ہے، تمام منصوبوں کو بروقت مکمل کیا جائے گا اور اس سلسلے میں کسی قسم کی غفلت برداشت نہیں کی جائے گی۔ انہوں نے کہا کہ تعلیم، صحت اور بنیادی ڈھانچے کی بہتری کے لیے خصوصی اقدامات کیے جا رہے ہیں اور عوامی نمائندوں کو اس عمل میں شامل کیا جائے گا۔ اجلاس میں متعلقہ محکموں کے سربراہان نے شرکت کی اور جاری منصوبوں پر بریفنگ دی گئی۔ وزیر اعلیٰ گلگت بلتستان نے کہا کہ علاقے کی ترقی اور عوام کی فلاح و بہبود حکومت کی اولین ترجیح ہے، تمام منصوبوں کو بروقت مکمل کیا جائے گا اور اس سلسلے میں کسی قسم کی غفلت برداشت نہیں کی جائے گی۔ انہوں نے کہا کہ تعلیم، صحت اور بنیادی ڈھانچے کی بہتری کے لیے خصوصی اقدامات کیے جا رہے ہیں اور عوامی نمائندوں کو اس عمل میں شامل کیا جائے گا۔ اجلاس میں متعلقہ محکموں کے سربراہان نے شرکت کی اور جاری منصوبوں پر بریفنگ دی گئی۔ وزیر اعلیٰ گلگت بلتستان نے کہا کہ علاقے کی ترقی اور عوام کی فلاح و بہبود حکومت کی اولین ترجیح ہے، تمام منصوبوں کو بروقت مکمل کیا جائے گا اور اس سلسلے میں کسی قسم کی غفلت برداشت نہیں کی جائے گی۔ انہوں نے کہا کہ تعلیم، صحت اور بنیادی ڈھانچے کی بہتری کے لیے خصوصی اقدامات کیے جا رہے ہیں اور عوامی نمائندوں کو اس عمل میں شامل کیا جائے گا۔ اجلاس میں متعلقہ محکموں کے سربراہان نے شرکت کی اور جاری منصوبوں پر بریفنگ دی گئی۔ وزیر اعلیٰ گلگت بلتستان نے کہا کہ علاقے کی ترقی اور عوام کی فلاح و بہبود حکومت کی اولین ترجیح ہے، تمام منصوبوں کو بروقت مکمل کیا جائے گا اور اس سلسلے میں کسی قسم کی غفلت برداشت نہیں کی جائے گی۔ انہوں نے کہا کہ تعلیم، صحت اور بنیادی ڈھانچے کی بہتری کے لیے خصوصی اقدامات کیے جا رہے ہیں اور عوامی نمائندوں کو اس عمل میں شامل کیا جائے گا۔ اجلاس میں متعلقہ محکموں کے سربراہان نے شرکت کی اور جاری منصوبوں پر بریفنگ دی گئی۔ وزیر اعلیٰ گلگت بلتستان نے کہا کہ علاقے کی ترقی اور عوام کی فلاح و بہبود حکومت کی اولین ترجیح ہے، تمام منصوبوں کو بروقت مکمل کیا جائے گا اور اس سلسلے میں کسی قسم کی غفلت برداشت نہیں کی جائے گی۔ انہوں نے کہا کہ تعلیم، صحت اور بنیادی ڈھانچے کی بہتری کے لیے خصوصی اقدامات کیے جا رہے ہیں اور عوامی نمائندوں کو اس عمل میں شامل کیا جائے گا۔ اجلاس میں متعلقہ محکموں کے سربراہان نے شرکت کی اور جاری منصوبوں پر بریفنگ دی گئی۔ وزیر اعلیٰ گلگت بلتستان نے کہا کہ علاقے کی ترقی اور عوام کی فلاح و بہبود حکومت کی اولین ترجیح ہے، تمام منصوبوں کو بروقت مکمل کیا جائے گا اور اس سلسلے میں کسی قسم کی غفلت برداشت نہیں کی جائے گی۔ انہوں نے کہا کہ تعلیم، صحت اور بنیادی ڈھانچے کی بہتری کے لیے خصوصی اقدامات کیے جا رہے ہیں اور عوامی نمائندوں کو اس عمل میں شامل کیا جائے گا۔ اجلاس میں متعلقہ محکموں کے سربراہان نے شرکت کی اور جاری منصوبوں پر بریفنگ دی گئی۔ وزیر اعلیٰ گلگت بلتستان نے کہا کہ علاقے کی ترقی اور عوام کی فلاح و بہبود حکومت کی اولین ترجیح ہے، تمام منصوبوں کو بروقت مکمل کیا جائے گا اور اس سلسلے میں کسی قسم کی غفلت برداشت نہیں کی جائے گی۔ انہوں نے کہا کہ تعلیم، صحت اور بنیادی ڈھانچے کی بہتری کے لیے خصوصی اقدامات کیے جا رہے ہیں اور عوامی نمائندوں کو اس عمل میں شامل کیا جائے گا۔ اجلاس میں متعلقہ محکموں کے سربراہان نے شرکت کی اور جاری منصوبوں پر بریفنگ دی گئی۔ وزیر اعلیٰ گلگت بلتستان نے کہا کہ علاقے کی ترقی اور عوام کی فلاح و بہبود حکومت کی اولین ترجیح ہے، تمام منصوبوں کو بروقت مکمل کیا جائے گا اور اس سلسلے میں کسی قسم کی غفلت برداشت نہیں کی جائے گی۔ انہوں نے کہا کہ تعلیم، صحت اور بنیادی ڈھانچے کی بہتری کے لیے خصوصی اقدامات کیے جا رہے ہیں اور عوامی نمائندوں کو اس عمل میں شامل کیا جائے گا۔ اجلاس میں متعلقہ محکموں کے سربراہان نے شرکت کی اور جاری منصوبوں پر بریفنگ دی گئی۔ وزیر اعلیٰ گلگت بلتستان نے کہا کہ علاقے کی ترقی اور عوام کی فلاح و بہبود حکومت کی اولین ترجیح ہے، تمام منصوبوں کو بروقت مکمل کیا جائے گا اور اس سلسلے میں کسی قسم کی غفلت برداشت نہیں کی جائے گی۔ انہوں نے کہا کہ تعلیم، صحت اور بنیادی ڈھانچے کی بہتری کے لیے خصوصی اقدامات کیے جا رہے ہیں اور عوامی نمائندوں کو اس عمل میں شامل کیا جائے گا۔ اجلاس میں متعلقہ محکموں کے سربراہان نے شرکت کی اور جاری منصوبوں پر بریفنگ دی گئی۔ وزیر اعلیٰ گلگت بلتستان نے کہا کہ علاقے کی ترقی اور عوام کی فلاح و بہبود حکومت کی اولین ترجیح ہے، تمام منصوبوں کو بروقت مکمل کیا جائے گا اور اس سلسلے میں کسی قسم کی غفلت برداشت نہیں کی جائے گی۔ انہوں نے کہا کہ تعلیم، صحت اور بنیادی ڈھانچے کی بہتری کے لیے خصوصی اقدامات کیے جا رہے ہیں اور عوامی نمائندوں کو اس عمل میں شامل کیا جائے گا۔ اجلاس میں متعلقہ محکموں کے سربراہان نے شرکت کی اور جاری منصوبوں پر بریفنگ دی گئی۔ وزیر اعلیٰ گلگت بلتستان نے کہا کہ علاقے کی ترقی اور عوام کی فلاح و بہبود حکومت کی اولین ترجیح ہے، تمام منصوبوں کو بروقت مکمل کیا جائے گا اور اس سلسلے میں کسی قسم کی غفلت برداشت نہیں کی جائے گی۔ انہوں نے کہا کہ تعلیم، صحت اور بنیادی ڈھانچے کی بہتری کے لیے خصوصی اقدامات کیے جا رہے ہیں اور عوامی نمائندوں کو اس عمل میں شامل کیا جائے گا۔ اجلاس میں متعلقہ محکموں کے سربراہان نے شرکت کی اور جاری منصوبوں پر بریفنگ دی گئی۔
22	بقیہ
حکومت نے سرکاری ملازمین کی تنخواہوں میں اضافے کی منظوری دے دی ہے۔
23	بقیہ
صوبائی اسمبلی کے اجلاس میں متعدد قراردادیں متفقہ طور پر منظور کی گئیں۔
24	بقیہ
ملک میں معاشی استحکام کے لیے اصلاحاتی پروگرام پر عمل درآمد جاری ہے۔
25	بقیہ
شہر میں صفائی ستھرائی کی خصوصی مہم کا آغاز کر دیا گیا ہے۔
26	بقیہ
سرحدی علاقوں میں ترقیاتی کاموں کی رفتار تیز کرنے کی ہدایت کی گئی۔
27	بقیہ
ماہرین تعلیم نے نصاب میں جدید تقاضوں کے مطابق تبدیلیوں پر زور دیا۔
28	بقیہ
اجلاس میں بجلی کے منصوبوں پر پیش رفت کا جائزہ لیا گیا۔
29	بقیہ
عوامی شکایات کے ازالے کے لیے ہیلپ لائن قائم کر دی گئی۔
30	بقیہ
سیاحتی مقامات پر سہولیات کی فراہمی کے لیے فنڈز جاری کر دیے گئے۔
وزیر اعلیٰ گلگت بلتستان نے کہا کہ علاقے کی ترقی اور عوام کی فلاح و بہبود حکومت کی اولین ترجیح ہے، تمام منصوبوں کو بروقت مکمل کیا جائے گا اور اس سلسلے میں کسی قسم کی غفلت برداشت نہیں کی جائے گی۔ انہوں نے کہا کہ تعلیم، صحت اور بنیادی ڈھانچے کی بہتری کے لیے خصوصی اقدامات کیے جا رہے ہیں اور عوامی نمائندوں کو اس عمل میں شامل کیا جائے گا۔ اجلاس میں متعلقہ محکموں کے سربراہان نے شرکت کی اور جاری منصوبوں پر بریفنگ دی گئی۔ وزیر اعلیٰ گلگت بلتستان نے کہا کہ علاقے کی ترقی اور عوام کی فلاح و بہبود حکومت کی اولین ترجیح ہے، تمام منصوبوں کو بروقت مکمل کیا جائے گا اور اس سلسلے میں کسی قسم کی غفلت برداشت نہیں کی جائے گی۔ انہوں نے کہا کہ تعلیم، صحت اور بنیادی ڈھانچے کی بہتری کے لیے خصوصی اقدامات کیے جا رہے ہیں اور عوامی نمائندوں کو اس عمل میں شامل کیا جائے گا۔ اجلاس میں متعلقہ محکموں کے سربراہان نے شرکت کی اور جاری منصوبوں پر بریفنگ دی گئی۔ وزیر اعلیٰ گلگت بلتستان نے کہا کہ علاقے کی ترقی اور عوام کی فلاح و بہبود حکومت کی اولین ترجیح ہے، تمام منصوبوں کو بروقت مکمل کیا جائے گا اور اس سلسلے میں کسی قسم کی غفلت برداشت نہیں کی جائے گی۔ انہوں نے کہا کہ تعلیم، صحت اور بنیادی ڈھانچے کی بہتری کے لیے خصوصی اقدامات کیے جا رہے ہیں اور عوامی نمائندوں کو اس عمل میں شامل کیا جائے گا۔ اجلاس میں متعلقہ محکموں کے سربراہان نے شرکت کی اور جاری منصوبوں پر بریفنگ دی گئی۔ وزیر اعلیٰ گلگت بلتستان نے کہا کہ علاقے کی ترقی اور عوام کی فلاح و بہبود حکومت کی اولین ترجیح ہے، تمام منصوبوں کو بروقت مکمل کیا جائے گا اور اس سلسلے میں کسی قسم کی غفلت برداشت نہیں کی جائے گی۔ انہوں نے کہا کہ تعلیم، صحت اور بنیادی ڈھانچے کی بہتری کے لیے خصوصی اقدامات کیے جا رہے ہیں اور عوامی نمائندوں کو اس عمل میں شامل کیا جائے گا۔ اجلاس میں متعلقہ محکموں کے سربراہان نے شرکت کی اور جاری منصوبوں پر بریفنگ دی گئی۔ وزیر اعلیٰ گلگت بلتستان نے کہا کہ علاقے کی ترقی اور عوام کی فلاح و بہبود حکومت کی اولین ترجیح ہے، تمام منصوبوں کو بروقت مکمل کیا جائے گا اور اس سلسلے میں کسی قسم کی غفلت برداشت نہیں کی جائے گی۔ انہوں نے کہا کہ تعلیم، صحت اور بنیادی ڈھانچے کی بہتری کے لیے خصوصی اقدامات کیے جا رہے ہیں اور عوامی نمائندوں کو اس عمل میں شامل کیا جائے گا۔ اجلاس میں متعلقہ محکموں کے سربراہان نے شرکت کی اور جاری منصوبوں پر بریفنگ دی گئی۔ وزیر اعلیٰ گلگت بلتستان نے کہا کہ علاقے کی ترقی اور عوام کی فلاح و بہبود حکومت کی اولین ترجیح ہے، تمام منصوبوں کو بروقت مکمل کیا جائے گا اور اس سلسلے میں کسی قسم کی غفلت برداشت نہیں کی جائے گی۔ انہوں نے کہا کہ تعلیم، صحت اور بنیادی ڈھانچے کی بہتری کے لیے خصوصی اقدامات کیے جا رہے ہیں اور عوامی نمائندوں کو اس عمل میں شامل کیا جائے گا۔ اجلاس میں متعلقہ محکموں کے سربراہان نے شرکت کی اور جاری منصوبوں پر بریفنگ دی گئی۔ وزیر اعلیٰ گلگت بلتستان نے کہا کہ علاقے کی ترقی اور عوام کی فلاح و بہبود حکومت کی اولین ترجیح ہے، تمام منصوبوں کو بروقت مکمل کیا جائے گا اور اس سلسلے میں کسی قسم کی غفلت برداشت نہیں کی جائے گی۔ انہوں نے کہا کہ تعلیم، صحت اور بنیادی ڈھانچے کی بہتری کے لیے خصوصی اقدامات کیے جا رہے ہیں اور عوامی نمائندوں کو اس عمل میں شامل کیا جائے گا۔ اجلاس میں متعلقہ محکموں کے سربراہان نے شرکت کی اور جاری منصوبوں پر بریفنگ دی گئی۔ وزیر اعلیٰ گلگت بلتستان نے کہا کہ علاقے کی ترقی اور عوام کی فلاح و بہبود حکومت کی اولین ترجیح ہے، تمام منصوبوں کو بروقت مکمل کیا جائے گا اور اس سلسلے میں کسی قسم کی غفلت برداشت نہیں کی جائے گی۔ انہوں نے کہا کہ تعلیم، صحت اور بنیادی ڈھانچے کی بہتری کے لیے خصوصی اقدامات کیے جا رہے ہیں اور عوامی نمائندوں کو اس عمل میں شامل کیا جائے گا۔ اجلاس میں متعلقہ محکموں کے سربراہان نے شرکت کی اور جاری منصوبوں پر بریفنگ دی گئی۔ وزیر اعلیٰ گلگت بلتستان نے کہا کہ علاقے کی ترقی اور عوام کی فلاح و بہبود حکومت کی اولین ترجیح ہے، تمام منصوبوں کو بروقت مکمل کیا جائے گا اور اس سلسلے میں کسی قسم کی غفلت برداشت نہیں کی جائے گی۔ انہوں نے کہا کہ تعلیم، صحت اور بنیادی ڈھانچے کی بہتری کے لیے خصوصی اقدامات کیے جا رہے ہیں اور عوامی نمائندوں کو اس عمل میں شامل کیا جائے گا۔ اجلاس میں متعلقہ محکموں کے سربراہان نے شرکت کی اور جاری منصوبوں پر بریفنگ دی گئی۔ وزیر اعلیٰ گلگت بلتستان نے کہا کہ علاقے کی ترقی اور عوام کی فلاح و بہبود حکومت کی اولین ترجیح ہے، تمام منصوبوں کو بروقت مکمل کیا جائے گا اور اس سلسلے میں کسی قسم کی غفلت برداشت نہیں کی جائے گی۔ انہوں نے کہا کہ تعلیم، صحت اور بنیادی ڈھانچے کی بہتری کے لیے خصوصی اقدامات کیے جا رہے ہیں اور عوامی نمائندوں کو اس عمل میں شامل کیا جائے گا۔ اجلاس میں متعلقہ محکموں کے سربراہان نے شرکت کی اور جاری منصوبوں پر بریفنگ دی گئی۔ وزیر اعلیٰ گلگت بلتستان نے کہا کہ علاقے کی ترقی اور عوام کی فلاح و بہبود حکومت کی اولین ترجیح ہے، تمام منصوبوں کو بروقت مکمل کیا جائے گا اور اس سلسلے میں کسی قسم کی غفلت برداشت نہیں کی جائے گی۔ انہوں نے کہا کہ تعلیم، صحت اور بنیادی ڈھانچے کی بہتری کے لیے خصوصی اقدامات کیے جا رہے ہیں اور عوامی نمائندوں کو اس عمل میں شامل کیا جائے گا۔ اجلاس میں متعلقہ محکموں کے سربراہان نے شرکت کی اور جاری منصوبوں پر بریفنگ دی گئی۔ وزیر اعلیٰ گلگت بلتستان نے کہا کہ علاقے کی ترقی اور عوام کی فلاح و بہبود حکومت کی اولین ترجیح ہے، تمام منصوبوں کو بروقت مکمل کیا جائے گا اور اس سلسلے میں کسی قسم کی غفلت برداشت نہیں کی جائے گی۔ انہوں نے کہا کہ تعلیم، صحت اور بنیادی ڈھانچے کی بہتری کے لیے خصوصی اقدامات کیے جا رہے ہیں اور عوامی نمائندوں کو اس عمل میں شامل کیا جائے گا۔ اجلاس میں متعلقہ محکموں کے سربراہان نے شرکت کی اور جاری منصوبوں پر بریفنگ دی گئی۔ وزیر اعلیٰ گلگت بلتستان نے کہا کہ علاقے کی ترقی اور عوام کی فلاح و بہبود حکومت کی اولین ترجیح ہے، تمام منصوبوں کو بروقت مکمل کیا جائے گا اور اس سلسلے میں کسی قسم کی غفلت برداشت نہیں کی جائے گی۔ انہوں نے کہا کہ تعلیم، صحت اور بنیادی ڈھانچے کی بہتری کے لیے خصوصی اقدامات کیے جا رہے ہیں اور عوامی نمائندوں کو اس عمل میں شامل کیا جائے گا۔ اجلاس میں متعلقہ محکموں کے سربراہان نے شرکت کی اور جاری منصوبوں پر بریفنگ دی گئی۔ وزیر اعلیٰ گلگت بلتستان نے کہا کہ علاقے کی ترقی اور عوام کی فلاح و بہبود حکومت کی اولین ترجیح ہے، تمام منصوبوں کو بروقت مکمل کیا جائے گا اور اس سلسلے میں کسی قسم کی غفلت برداشت نہیں کی جائے گی۔ انہوں نے کہا کہ تعلیم، صحت اور بنیادی ڈھانچے کی بہتری کے لیے خصوصی اقدامات کیے جا رہے ہیں اور عوامی نمائندوں کو اس عمل میں شامل کیا جائے گا۔ اجلاس میں متعلقہ محکموں کے سربراہان نے شرکت کی اور جاری منصوبوں پر بریفنگ دی گئی۔
14	بقیہ
وزیر اعظم نے کہا کہ ملک کو درپیش چیلنجز کا مقابلہ اتحاد سے کیا جائے گا۔
15	بقیہ
تعلیمی بورڈ نے امتحانات کے نتائج کا اعلان کر دیا، کامیابی کا تناسب بہتر رہا۔
16	بقیہ
صنعتی ترقی کے لیے سرمایہ کاروں کو سہولیات فراہم کی جائیں گی۔
17	بقیہ
محکمہ جنگلات نے شجرکاری مہم کے تحت ہزاروں پودے لگائے۔
18	بقیہ
ٹریفک کے نظام کو بہتر بنانے کے لیے نئے قوانین نافذ کیے جا رہے ہیں۔
19	بقیہ
سماجی تنظیموں نے مستحق خاندانوں میں راشن تقسیم کیا۔
20	بقیہ
اعلیٰ تعلیم کے لیے اسکالرشپس کا اعلان کیا گیا ہے۔
hip.punjabhec.gov.pk
21	بقیہ
اجلاس میں آئندہ کے لائحہ عمل پر تفصیلی غور کیا گیا۔
وزیر اعلیٰ گلگت بلتستان نے کہا کہ علاقے کی ترقی اور عوام کی فلاح و بہبود حکومت کی اولین ترجیح ہے، تمام منصوبوں کو بروقت مکمل کیا جائے گا اور اس سلسلے میں کسی قسم کی غفلت برداشت نہیں کی جائے گی۔ انہوں نے کہا کہ تعلیم، صحت اور بنیادی ڈھانچے کی بہتری کے لیے خصوصی اقدامات کیے جا رہے ہیں اور عوامی نمائندوں کو اس عمل میں شامل کیا جائے گا۔ اجلاس میں متعلقہ محکموں کے سربراہان نے شرکت کی اور جاری منصوبوں پر بریفنگ دی گئی۔ وزیر اعلیٰ گلگت بلتستان نے کہا کہ علاقے کی ترقی اور عوام کی فلاح و بہبود حکومت کی اولین ترجیح ہے، تمام منصوبوں کو بروقت مکمل کیا جائے گا اور اس سلسلے میں کسی قسم کی غفلت برداشت نہیں کی جائے گی۔ انہوں نے کہا کہ تعلیم، صحت اور بنیادی ڈھانچے کی بہتری کے لیے خصوصی اقدامات کیے جا رہے ہیں اور عوامی نمائندوں کو اس عمل میں شامل کیا جائے گا۔ اجلاس میں متعلقہ محکموں کے سربراہان نے شرکت کی اور جاری منصوبوں پر بریفنگ دی گئی۔ وزیر اعلیٰ گلگت بلتستان نے کہا کہ علاقے کی ترقی اور عوام کی فلاح و بہبود حکومت کی اولین ترجیح ہے، تمام منصوبوں کو بروقت مکمل کیا جائے گا اور اس سلسلے میں کسی قسم کی غفلت برداشت نہیں کی جائے گی۔ انہوں نے کہا کہ تعلیم، صحت اور بنیادی ڈھانچے کی بہتری کے لیے خصوصی اقدامات کیے جا رہے ہیں اور عوامی نمائندوں کو اس عمل میں شامل کیا جائے گا۔ اجلاس میں متعلقہ محکموں کے سربراہان نے شرکت کی اور جاری منصوبوں پر بریفنگ دی گئی۔ وزیر اعلیٰ گلگت بلتستان نے کہا کہ علاقے کی ترقی اور عوام کی فلاح و بہبود حکومت کی اولین ترجیح ہے، تمام منصوبوں کو بروقت مکمل کیا جائے گا اور اس سلسلے میں کسی قسم کی غفلت برداشت نہیں کی جائے گی۔ انہوں نے کہا کہ تعلیم، صحت اور بنیادی ڈھانچے کی بہتری کے لیے خصوصی اقدامات کیے جا رہے ہیں اور عوامی نمائندوں کو اس عمل میں شامل کیا جائے گا۔ اجلاس میں متعلقہ محکموں کے سربراہان نے شرکت کی اور جاری منصوبوں پر بریفنگ دی گئی۔ وزیر اعلیٰ گلگت بلتستان نے کہا کہ علاقے کی ترقی اور عوام کی فلاح و بہبود حکومت کی اولین ترجیح ہے، تمام منصوبوں کو بروقت مکمل کیا جائے گا اور اس سلسلے میں کسی قسم کی غفلت برداشت نہیں کی جائے گی۔ انہوں نے کہا کہ تعلیم، صحت اور بنیادی ڈھانچے کی بہتری کے لیے خصوصی اقدامات کیے جا رہے ہیں اور عوامی نمائندوں کو اس عمل میں شامل کیا جائے گا۔ اجلاس میں متعلقہ محکموں کے سربراہان نے شرکت کی اور جاری منصوبوں پر بریفنگ دی گئی۔ وزیر اعلیٰ گلگت بلتستان نے کہا کہ علاقے کی ترقی اور عوام کی فلاح و بہبود حکومت کی اولین ترجیح ہے، تمام منصوبوں کو بروقت مکمل کیا جائے گا اور اس سلسلے میں کسی قسم کی غفلت برداشت نہیں کی جائے گی۔ انہوں نے کہا کہ تعلیم، صحت اور بنیادی ڈھانچے کی بہتری کے لیے خصوصی اقدامات کیے جا رہے ہیں اور عوامی نمائندوں کو اس عمل میں شامل کیا جائے گا۔ اجلاس میں متعلقہ محکموں کے سربراہان نے شرکت کی اور جاری منصوبوں پر بریفنگ دی گئی۔ وزیر اعلیٰ گلگت بلتستان نے کہا کہ علاقے کی ترقی اور عوام کی فلاح و بہبود حکومت کی اولین ترجیح ہے، تمام منصوبوں کو بروقت مکمل کیا جائے گا اور اس سلسلے میں کسی قسم کی غفلت برداشت نہیں کی جائے گی۔ انہوں نے کہا کہ تعلیم، صحت اور بنیادی ڈھانچے کی بہتری کے لیے خصوصی اقدامات کیے جا رہے ہیں اور عوامی نمائندوں کو اس عمل میں شامل کیا جائے گا۔ اجلاس میں متعلقہ محکموں کے سربراہان نے شرکت کی اور جاری منصوبوں پر بریفنگ دی گئی۔ وزیر اعلیٰ گلگت بلتستان نے کہا کہ علاقے کی ترقی اور عوام کی فلاح و بہبود حکومت کی اولین ترجیح ہے، تمام منصوبوں کو بروقت مکمل کیا جائے گا اور اس سلسلے میں کسی قسم کی غفلت برداشت نہیں کی جائے گی۔ انہوں نے کہا کہ تعلیم، صحت اور بنیادی ڈھانچے کی بہتری کے لیے خصوصی اقدامات کیے جا رہے ہیں اور عوامی نمائندوں کو اس عمل میں شامل کیا جائے گا۔ اجلاس میں متعلقہ محکموں کے سربراہان نے شرکت کی اور جاری منصوبوں پر بریفنگ دی گئی۔ وزیر اعلیٰ گلگت بلتستان نے کہا کہ علاقے کی ترقی اور عوام کی فلاح و بہبود حکومت کی اولین ترجیح ہے، تمام منصوبوں کو بروقت مکمل کیا جائے گا اور اس سلسلے میں کسی قسم کی غفلت برداشت نہیں کی جائے گی۔ انہوں نے کہا کہ تعلیم، صحت اور بنیادی ڈھانچے کی بہتری کے لیے خصوصی اقدامات کیے جا رہے ہیں اور عوامی نمائندوں کو اس عمل میں شامل کیا جائے گا۔ اجلاس میں متعلقہ محکموں کے سربراہان نے شرکت کی اور جاری منصوبوں پر بریفنگ دی گئی۔ وزیر اعلیٰ گلگت بلتستان نے کہا کہ علاقے کی ترقی اور عوام کی فلاح و بہبود حکومت کی اولین ترجیح ہے، تمام منصوبوں کو بروقت مکمل کیا جائے گا اور اس سلسلے میں کسی قسم کی غفلت برداشت نہیں کی جائے گی۔ انہوں نے کہا کہ تعلیم، صحت اور بنیادی ڈھانچے کی بہتری کے لیے خصوصی اقدامات کیے جا رہے ہیں اور عوامی نمائندوں کو اس عمل میں شامل کیا جائے گا۔ اجلاس میں متعلقہ محکموں کے سربراہان نے شرکت کی اور جاری منصوبوں پر بریفنگ دی گئی۔ وزیر اعلیٰ گلگت بلتستان نے کہا کہ علاقے کی ترقی اور عوام کی فلاح و بہبود حکومت کی اولین ترجیح ہے، تمام منصوبوں کو بروقت مکمل کیا جائے گا اور اس سلسلے میں کسی قسم کی غفلت برداشت نہیں کی جائے گی۔ انہوں نے کہا کہ تعلیم، صحت اور بنیادی ڈھانچے کی بہتری کے لیے خصوصی اقدامات کیے جا رہے ہیں اور عوامی نمائندوں کو اس عمل میں شامل کیا جائے گا۔ اجلاس میں متعلقہ محکموں کے سربراہان نے شرکت کی اور جاری منصوبوں پر بریفنگ دی گئی۔ وزیر اعلیٰ گلگت بلتستان نے کہا کہ علاقے کی ترقی اور عوام کی فلاح و بہبود حکومت کی اولین ترجیح ہے، تمام منصوبوں کو بروقت مکمل کیا جائے گا اور اس سلسلے میں کسی قسم کی غفلت برداشت نہیں کی جائے گی۔ انہوں نے کہا کہ تعلیم، صحت اور بنیادی ڈھانچے کی بہتری کے لیے خصوصی اقدامات کیے جا رہے ہیں اور عوامی نمائندوں کو اس عمل میں شامل کیا جائے گا۔ اجلاس میں متعلقہ محکموں کے سربراہان نے شرکت کی اور جاری منصوبوں پر بریفنگ دی گئی۔ وزیر اعلیٰ گلگت بلتستان نے کہا کہ علاقے کی ترقی اور عوام کی فلاح و بہبود حکومت کی اولین ترجیح ہے، تمام منصوبوں کو بروقت مکمل کیا جائے گا اور اس سلسلے میں کسی قسم کی غفلت برداشت نہیں کی جائے گی۔ انہوں نے کہا کہ تعلیم، صحت اور بنیادی ڈھانچے کی بہتری کے لیے خصوصی اقدامات کیے جا رہے ہیں اور عوامی نمائندوں کو اس عمل میں شامل کیا جائے گا۔ اجلاس میں متعلقہ محکموں کے سربراہان نے شرکت کی اور جاری منصوبوں پر بریفنگ دی گئی۔ وزیر اعلیٰ گلگت بلتستان نے کہا کہ علاقے کی ترقی اور عوام کی فلاح و بہبود حکومت کی اولین ترجیح ہے، تمام منصوبوں کو بروقت مکمل کیا جائے گا اور اس سلسلے میں کسی قسم کی غفلت برداشت نہیں کی جائے گی۔ انہوں نے کہا کہ تعلیم، صحت اور بنیادی ڈھانچے کی بہتری کے لیے خصوصی اقدامات کیے جا رہے ہیں اور عوامی نمائندوں کو اس عمل میں شامل کیا جائے گا۔ اجلاس میں متعلقہ محکموں کے سربراہان نے شرکت کی اور جاری منصوبوں پر بریفنگ دی گئی۔
9	بقیہ
حکام کا کہنا ہے کہ شاہراہ قراقرم پر ٹریفک بحال کر دی گئی ہے۔
10	بقیہ
صوبائی حکومت نے نئے ہسپتال کی تعمیر کا اعلان کیا ہے۔
11	بقیہ
عوامی نمائندوں نے علاقائی مسائل کے حل کا مطالبہ کیا۔
12	بقیہ
انتظامیہ نے تجاوزات کے خلاف آپریشن شروع کر دیا۔
13	بقیہ
موسم سرما کی آمد سے قبل ایندھن کی فراہمی یقینی بنانے کی ہدایت۔
وزیر اعلیٰ گلگت بلتستان نے کہا کہ علاقے کی ترقی اور عوام کی فلاح و بہبود حکومت کی اولین ترجیح ہے، تمام منصوبوں کو بروقت مکمل کیا جائے گا اور اس سلسلے میں کسی قسم کی غفلت برداشت نہیں کی جائے گی۔ انہوں نے کہا کہ تعلیم، صحت اور بنیادی ڈھانچے کی بہتری کے لیے خصوصی اقدامات کیے جا رہے ہیں اور عوامی نمائندوں کو اس عمل میں شامل کیا جائے گا۔ اجلاس میں متعلقہ محکموں کے سربراہان نے شرکت کی اور جاری منصوبوں پر بریفنگ دی گئی۔ وزیر اعلیٰ گلگت بلتستان نے کہا کہ علاقے کی ترقی اور عوام کی فلاح و بہبود حکومت کی اولین ترجیح ہے، تمام منصوبوں کو بروقت مکمل کیا جائے گا اور اس سلسلے میں کسی قسم کی غفلت برداشت نہیں کی جائے گی۔ انہوں نے کہا کہ تعلیم، صحت اور بنیادی ڈھانچے کی بہتری کے لیے خصوصی اقدامات کیے جا رہے ہیں اور عوامی نمائندوں کو اس عمل میں شامل کیا جائے گا۔ اجلاس میں متعلقہ محکموں کے سربراہان نے شرکت کی اور جاری منصوبوں پر بریفنگ دی گئی۔ وزیر اعلیٰ گلگت بلتستان نے کہا کہ علاقے کی ترقی اور عوام کی فلاح و بہبود حکومت کی اولین ترجیح ہے، تمام منصوبوں کو بروقت مکمل کیا جائے گا اور اس سلسلے میں کسی قسم کی غفلت برداشت نہیں کی جائے گی۔ انہوں نے کہا کہ تعلیم، صحت اور بنیادی ڈھانچے کی بہتری کے لیے خصوصی اقدامات کیے جا رہے ہیں اور عوامی نمائندوں کو اس عمل میں شامل کیا جائے گا۔ اجلاس میں متعلقہ محکموں کے سربراہان نے شرکت کی اور جاری منصوبوں پر بریفنگ دی گئی۔ وزیر اعلیٰ گلگت بلتستان نے کہا کہ علاقے کی ترقی اور عوام کی فلاح و بہبود حکومت کی اولین ترجیح ہے، تمام منصوبوں کو بروقت مکمل کیا جائے گا اور اس سلسلے میں کسی قسم کی غفلت برداشت نہیں کی جائے گی۔ انہوں نے کہا کہ تعلیم، صحت اور بنیادی ڈھانچے کی بہتری کے لیے خصوصی اقدامات کیے جا رہے ہیں اور عوامی نمائندوں کو اس عمل میں شامل کیا جائے گا۔ اجلاس میں متعلقہ محکموں کے سربراہان نے شرکت کی اور جاری منصوبوں پر بریفنگ دی گئی۔ وزیر اعلیٰ گلگت بلتستان نے کہا کہ علاقے کی ترقی اور عوام کی فلاح و بہبود حکومت کی اولین ترجیح ہے، تمام منصوبوں کو بروقت مکمل کیا جائے گا اور اس سلسلے میں کسی قسم کی غفلت برداشت نہیں کی جائے گی۔ انہوں نے کہا کہ تعلیم، صحت اور بنیادی ڈھانچے کی بہتری کے لیے خصوصی اقدامات کیے جا رہے ہیں اور عوامی نمائندوں کو اس عمل میں شامل کیا جائے گا۔ اجلاس میں متعلقہ محکموں کے سربراہان نے شرکت کی اور جاری منصوبوں پر بریفنگ دی گئی۔ وزیر اعلیٰ گلگت بلتستان نے کہا کہ علاقے کی ترقی اور عوام کی فلاح و بہبود حکومت کی اولین ترجیح ہے، تمام منصوبوں کو بروقت مکمل کیا جائے گا اور اس سلسلے میں کسی قسم کی غفلت برداشت نہیں کی جائے گی۔ انہوں نے کہا کہ تعلیم، صحت اور بنیادی ڈھانچے کی بہتری کے لیے خصوصی اقدامات کیے جا رہے ہیں اور عوامی نمائندوں کو اس عمل میں شامل کیا جائے گا۔ اجلاس میں متعلقہ محکموں کے سربراہان نے شرکت کی اور جاری منصوبوں پر بریفنگ دی گئی۔ وزیر اعلیٰ گلگت بلتستان نے کہا کہ علاقے کی ترقی اور عوام کی فلاح و بہبود حکومت کی اولین ترجیح ہے، تمام منصوبوں کو بروقت مکمل کیا جائے گا اور اس سلسلے میں کسی قسم کی غفلت برداشت نہیں کی جائے گی۔ انہوں نے کہا کہ تعلیم، صحت اور بنیادی ڈھانچے کی بہتری کے لیے خصوصی اقدامات کیے جا رہے ہیں اور عوامی نمائندوں کو اس عمل میں شامل کیا جائے گا۔ اجلاس میں متعلقہ محکموں کے سربراہان نے شرکت کی اور جاری منصوبوں پر بریفنگ دی گئی۔ وزیر اعلیٰ گلگت بلتستان نے کہا کہ علاقے کی ترقی اور عوام کی فلاح و بہبود حکومت کی اولین ترجیح ہے، تمام منصوبوں کو بروقت مکمل کیا جائے گا اور اس سلسلے میں کسی قسم کی غفلت برداشت نہیں کی جائے گی۔ انہوں نے کہا کہ تعلیم، صحت اور بنیادی ڈھانچے کی بہتری کے لیے خصوصی اقدامات کیے جا رہے ہیں اور عوامی نمائندوں کو اس عمل میں شامل کیا جائے گا۔ اجلاس میں متعلقہ محکموں کے سربراہان نے شرکت کی اور جاری منصوبوں پر بریفنگ دی گئی۔ وزیر اعلیٰ گلگت بلتستان نے کہا کہ علاقے کی ترقی اور عوام کی فلاح و بہبود حکومت کی اولین ترجیح ہے، تمام منصوبوں کو بروقت مکمل کیا جائے گا اور اس سلسلے میں کسی قسم کی غفلت برداشت نہیں کی جائے گی۔ انہوں نے کہا کہ تعلیم، صحت اور بنیادی ڈھانچے کی بہتری کے لیے خصوصی اقدامات کیے جا رہے ہیں اور عوامی نمائندوں کو اس عمل میں شامل کیا جائے گا۔ اجلاس میں متعلقہ محکموں کے سربراہان نے شرکت کی اور جاری منصوبوں پر بریفنگ دی گئی۔ وزیر اعلیٰ گلگت بلتستان نے کہا کہ علاقے کی ترقی اور عوام کی فلاح و بہبود حکومت کی اولین ترجیح ہے، تمام منصوبوں کو بروقت مکمل کیا جائے گا اور اس سلسلے میں کسی قسم کی غفلت برداشت نہیں کی جائے گی۔ انہوں نے کہا کہ تعلیم، صحت اور بنیادی ڈھانچے کی بہتری کے لیے خصوصی اقدامات کیے جا رہے ہیں اور عوامی نمائندوں کو اس عمل میں شامل کیا جائے گا۔ اجلاس میں متعلقہ محکموں کے سربراہان نے شرکت کی اور جاری منصوبوں پر بریفنگ دی گئی۔ وزیر اعلیٰ گلگت بلتستان نے کہا کہ علاقے کی ترقی اور عوام کی فلاح و بہبود حکومت کی اولین ترجیح ہے، تمام منصوبوں کو بروقت مکمل کیا جائے گا اور اس سلسلے میں کسی قسم کی غفلت برداشت نہیں کی جائے گی۔ انہوں نے کہا کہ تعلیم، صحت اور بنیادی ڈھانچے کی بہتری کے لیے خصوصی اقدامات کیے جا رہے ہیں اور عوامی نمائندوں کو اس عمل میں شامل کیا جائے گا۔ اجلاس میں متعلقہ محکموں کے سربراہان نے شرکت کی اور جاری منصوبوں پر بریفنگ دی گئی۔ وزیر اعلیٰ گلگت بلتستان نے کہا کہ علاقے کی ترقی اور عوام کی فلاح و بہبود حکومت کی اولین ترجیح ہے، تمام منصوبوں کو بروقت مکمل کیا جائے گا اور اس سلسلے میں کسی قسم کی غفلت برداشت نہیں کی جائے گی۔ انہوں نے کہا کہ تعلیم، صحت اور بنیادی ڈھانچے کی بہتری کے لیے خصوصی اقدامات کیے جا رہے ہیں اور عوامی نمائندوں کو اس عمل میں شامل کیا جائے گا۔ اجلاس میں متعلقہ محکموں کے سربراہان نے شرکت کی اور جاری منصوبوں پر بریفنگ دی گئی۔ وزیر اعلیٰ گلگت بلتستان نے کہا کہ علاقے کی ترقی اور عوام کی فلاح و بہبود حکومت کی اولین ترجیح ہے، تمام منصوبوں کو بروقت مکمل کیا جائے گا اور اس سلسلے میں کسی قسم کی غفلت برداشت نہیں کی جائے گی۔ انہوں نے کہا کہ تعلیم، صحت اور بنیادی ڈھانچے کی بہتری کے لیے خصوصی اقدامات کیے جا رہے ہیں اور عوامی نمائندوں کو اس عمل میں شامل کیا جائے گا۔ اجلاس میں متعلقہ محکموں کے سربراہان نے شرکت کی اور جاری منصوبوں پر بریفنگ دی گئی۔ وزیر اعلیٰ گلگت بلتستان نے کہا کہ علاقے کی ترقی اور عوام کی فلاح و بہبود حکومت کی اولین ترجیح ہے، تمام منصوبوں کو بروقت مکمل کیا جائے گا اور اس سلسلے میں کسی قسم کی غفلت برداشت نہیں کی جائے گی۔ انہوں نے کہا کہ تعلیم، صحت اور بنیادی ڈھانچے کی بہتری کے لیے خصوصی اقدامات کیے جا رہے ہیں اور عوامی نمائندوں کو اس عمل میں شامل کیا جائے گا۔ اجلاس میں متعلقہ محکموں کے سربراہان نے شرکت کی اور جاری منصوبوں پر بریفنگ دی گئی۔
1	بقیہ
گلگت بلتستان میں ترقیاتی منصوبوں کی تکمیل کے لیے اقدامات تیز کر دیے گئے۔
2	بقیہ
عدالت نے اہم مقدمے میں فیصلہ محفوظ کر لیا ہے۔
3	بقیہ
وفاقی وزیر نے علاقے کے دورے کے دوران مختلف منصوبوں کا معائنہ کیا۔
4	بقیہ
محکمہ تعلیم نے اساتذہ کی تربیت کے لیے ورکشاپ کا انعقاد کیا۔
5	بقیہ
ملک بھر میں یوم یکجہتی جوش و خروش سے منایا گیا۔
6	بقیہ
صحت کارڈ کے ذریعے شہریوں کو مفت علاج کی سہولت دی جا رہی ہے۔
7	بقیہ
شہریوں نے پانی کی عدم فراہمی پر احتجاج کیا۔
8	بقیہ
اجلاس میں سیاحتی سیزن کی تیاریوں کا جائزہ لیا گیا۔
وزیر اعلیٰ گلگت بلتستان نے کہا کہ علاقے کی ترقی اور عوام کی فلاح و بہبود حکومت کی اولین ترجیح ہے، تمام منصوبوں کو بروقت مکمل کیا جائے گا اور اس سلسلے میں کسی قسم کی غفلت برداشت نہیں کی جائے گی۔ انہوں نے کہا کہ تعلیم، صحت اور بنیادی ڈھانچے کی بہتری کے لیے خصوصی اقدامات کیے جا رہے ہیں اور عوامی نمائندوں کو اس عمل میں شامل کیا جائے گا۔ اجلاس میں متعلقہ محکموں کے سربراہان نے شرکت کی اور جاری منصوبوں پر بریفنگ دی گئی۔ وزیر اعلیٰ گلگت بلتستان نے کہا کہ علاقے کی ترقی اور عوام کی فلاح و بہبود حکومت کی اولین ترجیح ہے، تمام منصوبوں کو بروقت مکمل کیا جائے گا اور اس سلسلے میں کسی قسم کی غفلت برداشت نہیں کی جائے گی۔ انہوں نے کہا کہ تعلیم، صحت اور بنیادی ڈھانچے کی بہتری کے لیے خصوصی اقدامات کیے جا رہے ہیں اور عوامی نمائندوں کو اس عمل میں شامل کیا جائے گا۔ اجلاس میں متعلقہ محکموں کے سربراہان نے شرکت کی اور جاری منصوبوں پر بریفنگ دی گئی۔ وزیر اعلیٰ گلگت بلتستان نے کہا کہ علاقے کی ترقی اور عوام کی فلاح و بہبود حکومت کی اولین ترجیح ہے، تمام منصوبوں کو بروقت مکمل کیا جائے گا اور اس سلسلے میں کسی قسم کی غفلت برداشت نہیں کی جائے گی۔ انہوں نے کہا کہ تعلیم، صحت اور بنیادی ڈھانچے کی بہتری کے لیے خصوصی اقدامات کیے جا رہے ہیں اور عوامی نمائندوں کو اس عمل میں شامل کیا جائے گا۔ اجلاس میں متعلقہ محکموں کے سربراہان نے شرکت کی اور جاری منصوبوں پر بریفنگ دی گئی۔ وزیر اعلیٰ گلگت بلتستان نے کہا کہ علاقے کی ترقی اور عوام کی فلاح و بہبود حکومت کی اولین ترجیح ہے، تمام منصوبوں کو بروقت مکمل کیا جائے گا اور اس سلسلے میں کسی قسم کی غفلت برداشت نہیں کی جائے گی۔ انہوں نے کہا کہ تعلیم، صحت اور بنیادی ڈھانچے کی بہتری کے لیے خصوصی اقدامات کیے جا رہے ہیں اور عوامی نمائندوں کو اس عمل میں شامل کیا جائے گا۔ اجلاس میں متعلقہ محکموں کے سربراہان نے شرکت کی اور جاری منصوبوں پر بریفنگ دی گئی۔ وزیر اعلیٰ گلگت بلتستان نے کہا کہ علاقے کی ترقی اور عوام کی فلاح و بہبود حکومت کی اولین ترجیح ہے، تمام منصوبوں کو بروقت مکمل کیا جائے گا اور اس سلسلے میں کسی قسم کی غفلت برداشت نہیں کی جائے گی۔ انہوں نے کہا کہ تعلیم، صحت اور بنیادی ڈھانچے کی بہتری کے لیے خصوصی اقدامات کیے جا رہے ہیں اور عوامی نمائندوں کو اس عمل میں شامل کیا جائے گا۔ اجلاس میں متعلقہ محکموں کے سربراہان نے شرکت کی اور جاری منصوبوں پر بریفنگ دی گئی۔ وزیر اعلیٰ گلگت بلتستان نے کہا کہ علاقے کی ترقی اور عوام کی فلاح و بہبود حکومت کی اولین ترجیح ہے، تمام منصوبوں کو بروقت مکمل کیا جائے گا اور اس سلسلے میں کسی قسم کی غفلت برداشت نہیں کی جائے گی۔ انہوں نے کہا کہ تعلیم، صحت اور بنیادی ڈھانچے کی بہتری کے لیے خصوصی اقدامات کیے جا رہے ہیں اور عوامی نمائندوں کو اس عمل میں شامل کیا جائے گا۔ اجلاس میں متعلقہ محکموں کے سربراہان نے شرکت کی اور جاری منصوبوں پر بریفنگ دی گئی۔ وزیر اعلیٰ گلگت بلتستان نے کہا کہ علاقے کی ترقی اور عوام کی فلاح و بہبود حکومت کی اولین ترجیح ہے، تمام منصوبوں کو بروقت مکمل کیا جائے گا اور اس سلسلے میں کسی قسم کی غفلت برداشت نہیں کی جائے گی۔ انہوں نے کہا کہ تعلیم، صحت اور بنیادی ڈھانچے کی بہتری کے لیے خصوصی اقدامات کیے جا رہے ہیں اور عوامی نمائندوں کو اس عمل میں شامل کیا جائے گا۔ اجلاس میں متعلقہ محکموں کے سربراہان نے شرکت کی اور جاری منصوبوں پر بریفنگ دی گئی۔ وزیر اعلیٰ گلگت بلتستان نے کہا کہ علاقے کی ترقی اور عوام کی فلاح و بہبود حکومت کی اولین ترجیح ہے، تمام منصوبوں کو بروقت مکمل کیا جائے گا اور اس سلسلے میں کسی قسم کی غفلت برداشت نہیں کی جائے گی۔ انہوں نے کہا کہ تعلیم، صحت اور بنیادی ڈھانچے کی بہتری کے لیے خصوصی اقدامات کیے جا رہے ہیں اور عوامی نمائندوں کو اس عمل میں شامل کیا جائے گا۔ اجلاس میں متعلقہ محکموں کے سربراہان نے شرکت کی اور جاری منصوبوں پر بریفنگ دی گئی۔ وزیر اعلیٰ گلگت بلتستان نے کہا کہ علاقے کی ترقی اور عوام کی فلاح و بہبود حکومت کی اولین ترجیح ہے، تمام منصوبوں کو بروقت مکمل کیا جائے گا اور اس سلسلے میں کسی قسم کی غفلت برداشت نہیں کی جائے گی۔ انہوں نے کہا کہ تعلیم، صحت اور بنیادی ڈھانچے کی بہتری کے لیے خصوصی اقدامات کیے جا رہے ہیں اور عوامی نمائندوں کو اس عمل میں شامل کیا جائے گا۔ اجلاس میں متعلقہ محکموں کے سربراہان نے شرکت کی اور جاری منصوبوں پر بریفنگ دی گئی۔ وزیر اعلیٰ گلگت بلتستان نے کہا کہ علاقے کی ترقی اور عوام کی فلاح و بہبود حکومت کی اولین ترجیح ہے، تمام منصوبوں کو بروقت مکمل کیا جائے گا اور اس سلسلے میں کسی قسم کی غفلت برداشت نہیں کی جائے گی۔ انہوں نے کہا کہ تعلیم، صحت اور بنیادی ڈھانچے کی بہتری کے لیے خصوصی اقدامات کیے جا رہے ہیں اور عوامی نمائندوں کو اس عمل میں شامل کیا جائے گا۔ اجلاس میں متعلقہ محکموں کے سربراہان نے شرکت کی اور جاری منصوبوں پر بریفنگ دی گئی۔ وزیر اعلیٰ گلگت بلتستان نے کہا کہ علاقے کی ترقی اور عوام کی فلاح و بہبود حکومت کی اولین ترجیح ہے، تمام منصوبوں کو بروقت مکمل کیا جائے گا اور اس سلسلے میں کسی قسم کی غفلت برداشت نہیں کی جائے گی۔ انہوں نے کہا کہ تعلیم، صحت اور بنیادی ڈھانچے کی بہتری کے لیے خصوصی اقدامات کیے جا رہے ہیں اور عوامی نمائندوں کو اس عمل میں شامل کیا جائے گا۔ اجلاس میں متعلقہ محکموں کے سربراہان نے شرکت کی اور جاری منصوبوں پر بریفنگ دی گئی۔ وزیر اعلیٰ گلگت بلتستان نے کہا کہ علاقے کی ترقی اور عوام کی فلاح و بہبود حکومت کی اولین ترجیح ہے، تمام منصوبوں کو بروقت مکمل کیا جائے گا اور اس سلسلے میں کسی قسم کی غفلت برداشت نہیں کی جائے گی۔ انہوں نے کہا کہ تعلیم، صحت اور بنیادی ڈھانچے کی بہتری کے لیے خصوصی اقدامات کیے جا رہے ہیں اور عوامی نمائندوں کو اس عمل میں شامل کیا جائے گا۔ اجلاس میں متعلقہ محکموں کے سربراہان نے شرکت کی اور جاری منصوبوں پر بریفنگ دی گئی۔ وزیر اعلیٰ گلگت بلتستان نے کہا کہ علاقے کی ترقی اور عوام کی فلاح و بہبود حکومت کی اولین ترجیح ہے، تمام منصوبوں کو بروقت مکمل کیا جائے گا اور اس سلسلے میں کسی قسم کی غفلت برداشت نہیں کی جائے گی۔ انہوں نے کہا کہ تعلیم، صحت اور بنیادی ڈھانچے کی بہتری کے لیے خصوصی اقدامات کیے جا رہے ہیں اور عوامی نمائندوں کو اس عمل میں شامل کیا جائے گا۔ اجلاس میں متعلقہ محکموں کے سربراہان نے شرکت کی اور جاری منصوبوں پر بریفنگ دی گئی۔ وزیر اعلیٰ گلگت بلتستان نے کہا کہ علاقے کی ترقی اور عوام کی فلاح و بہبود حکومت کی اولین ترجیح ہے، تمام منصوبوں کو بروقت مکمل کیا جائے گا اور اس سلسلے میں کسی قسم کی غفلت برداشت نہیں کی جائے گی۔ انہوں نے کہا کہ تعلیم، صحت اور بنیادی ڈھانچے کی بہتری کے لیے خصوصی اقدامات کیے جا رہے ہیں اور عوامی نمائندوں کو اس عمل میں شامل کیا جائے گا۔ اجلاس میں متعلقہ محکموں کے سربراہان نے شرکت کی اور جاری منصوبوں پر بریفنگ دی گئی۔
